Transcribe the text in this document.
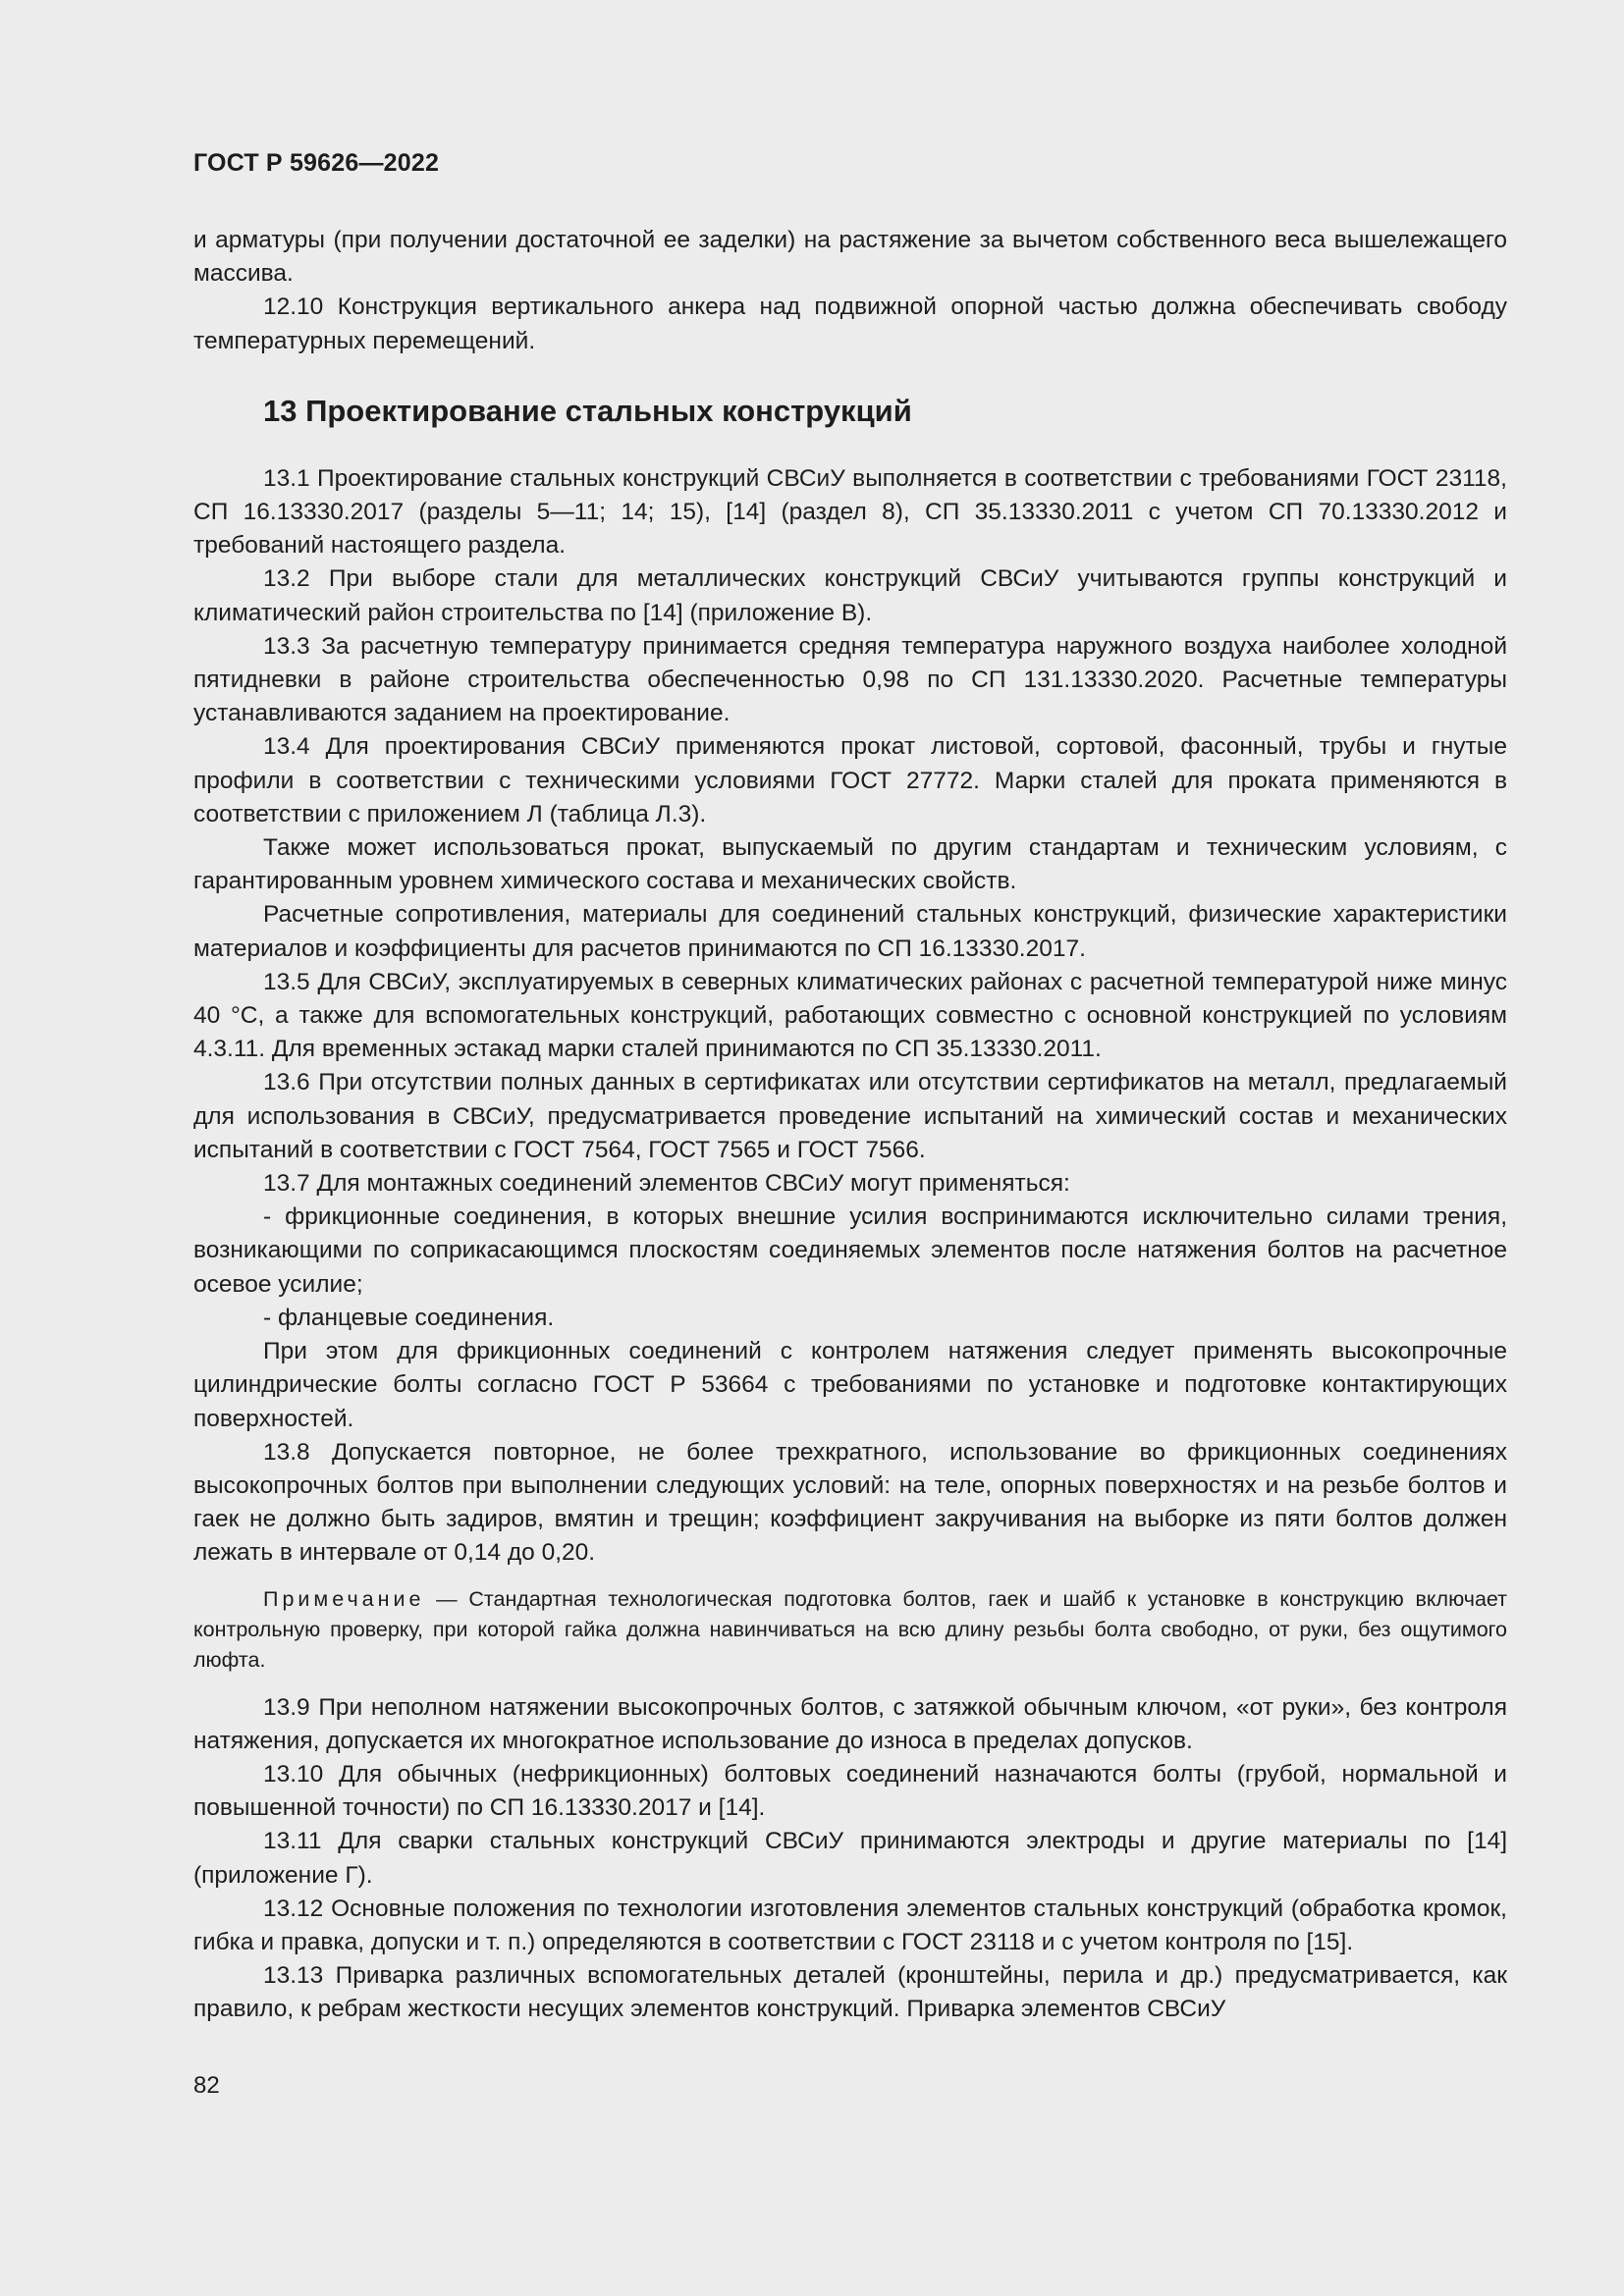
ГОСТ Р 59626—2022

и арматуры (при получении достаточной ее заделки) на растяжение за вычетом собственного веса вышележащего массива.

12.10 Конструкция вертикального анкера над подвижной опорной частью должна обеспечивать свободу температурных перемещений.

13 Проектирование стальных конструкций

13.1 Проектирование стальных конструкций СВСиУ выполняется в соответствии с требованиями ГОСТ 23118, СП 16.13330.2017 (разделы 5—11; 14; 15), [14] (раздел 8), СП 35.13330.2011 с учетом СП 70.13330.2012 и требований настоящего раздела.

13.2 При выборе стали для металлических конструкций СВСиУ учитываются группы конструкций и климатический район строительства по [14] (приложение В).

13.3 За расчетную температуру принимается средняя температура наружного воздуха наиболее холодной пятидневки в районе строительства обеспеченностью 0,98 по СП 131.13330.2020. Расчетные температуры устанавливаются заданием на проектирование.

13.4 Для проектирования СВСиУ применяются прокат листовой, сортовой, фасонный, трубы и гнутые профили в соответствии с техническими условиями ГОСТ 27772. Марки сталей для проката применяются в соответствии с приложением Л (таблица Л.3).

Также может использоваться прокат, выпускаемый по другим стандартам и техническим условиям, с гарантированным уровнем химического состава и механических свойств.

Расчетные сопротивления, материалы для соединений стальных конструкций, физические характеристики материалов и коэффициенты для расчетов принимаются по СП 16.13330.2017.

13.5 Для СВСиУ, эксплуатируемых в северных климатических районах с расчетной температурой ниже минус 40 °С, а также для вспомогательных конструкций, работающих совместно с основной конструкцией по условиям 4.3.11. Для временных эстакад марки сталей принимаются по СП 35.13330.2011.

13.6 При отсутствии полных данных в сертификатах или отсутствии сертификатов на металл, предлагаемый для использования в СВСиУ, предусматривается проведение испытаний на химический состав и механических испытаний в соответствии с ГОСТ 7564, ГОСТ 7565 и ГОСТ 7566.

13.7 Для монтажных соединений элементов СВСиУ могут применяться:

- фрикционные соединения, в которых внешние усилия воспринимаются исключительно силами трения, возникающими по соприкасающимся плоскостям соединяемых элементов после натяжения болтов на расчетное осевое усилие;

- фланцевые соединения.

При этом для фрикционных соединений с контролем натяжения следует применять высокопрочные цилиндрические болты согласно ГОСТ Р 53664 с требованиями по установке и подготовке контактирующих поверхностей.

13.8 Допускается повторное, не более трехкратного, использование во фрикционных соединениях высокопрочных болтов при выполнении следующих условий: на теле, опорных поверхностях и на резьбе болтов и гаек не должно быть задиров, вмятин и трещин; коэффициент закручивания на выборке из пяти болтов должен лежать в интервале от 0,14 до 0,20.

Примечание — Стандартная технологическая подготовка болтов, гаек и шайб к установке в конструкцию включает контрольную проверку, при которой гайка должна навинчиваться на всю длину резьбы болта свободно, от руки, без ощутимого люфта.

13.9 При неполном натяжении высокопрочных болтов, с затяжкой обычным ключом, «от руки», без контроля натяжения, допускается их многократное использование до износа в пределах допусков.

13.10 Для обычных (нефрикционных) болтовых соединений назначаются болты (грубой, нормальной и повышенной точности) по СП 16.13330.2017 и [14].

13.11 Для сварки стальных конструкций СВСиУ принимаются электроды и другие материалы по [14] (приложение Г).

13.12 Основные положения по технологии изготовления элементов стальных конструкций (обработка кромок, гибка и правка, допуски и т. п.) определяются в соответствии с ГОСТ 23118 и с учетом контроля по [15].

13.13 Приварка различных вспомогательных деталей (кронштейны, перила и др.) предусматривается, как правило, к ребрам жесткости несущих элементов конструкций. Приварка элементов СВСиУ

82
